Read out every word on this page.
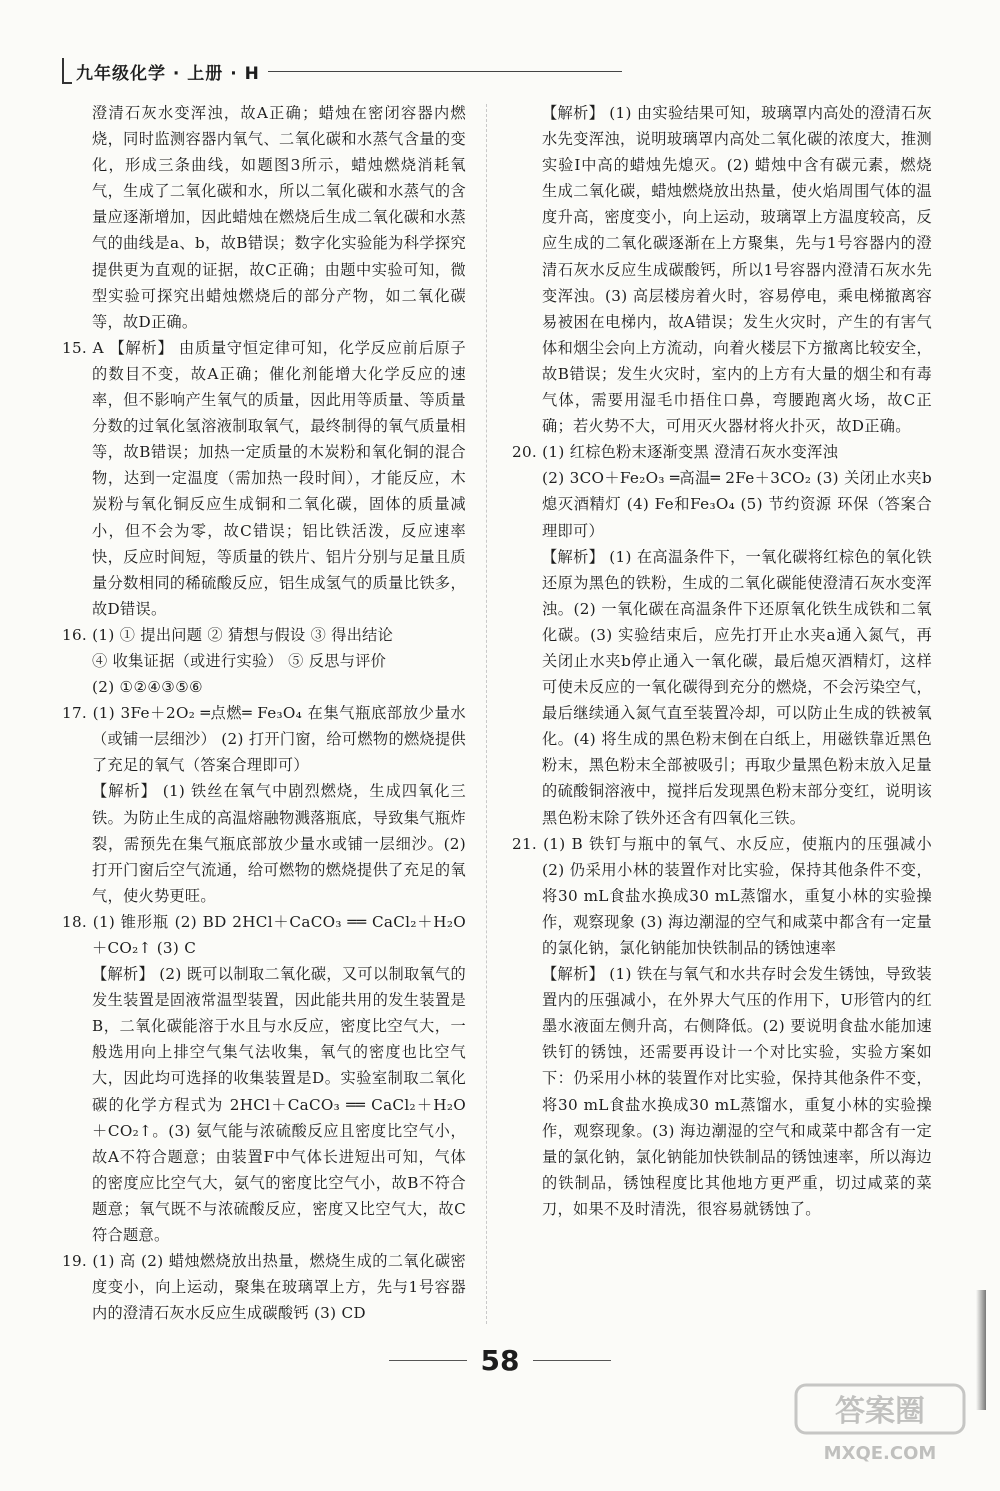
九年级化学 · 上册 · H

澄清石灰水变浑浊，故A正确；蜡烛在密闭容器内燃烧，同时监测容器内氧气、二氧化碳和水蒸气含量的变化，形成三条曲线，如题图3所示，蜡烛燃烧消耗氧气，生成了二氧化碳和水，所以二氧化碳和水蒸气的含量应逐渐增加，因此蜡烛在燃烧后生成二氧化碳和水蒸气的曲线是a、b，故B错误；数字化实验能为科学探究提供更为直观的证据，故C正确；由题中实验可知，微型实验可探究出蜡烛燃烧后的部分产物，如二氧化碳等，故D正确。

15. A 【解析】 由质量守恒定律可知，化学反应前后原子的数目不变，故A正确；催化剂能增大化学反应的速率，但不影响产生氧气的质量，因此用等质量、等质量分数的过氧化氢溶液制取氧气，最终制得的氧气质量相等，故B错误；加热一定质量的木炭粉和氧化铜的混合物，达到一定温度（需加热一段时间），才能反应，木炭粉与氧化铜反应生成铜和二氧化碳，固体的质量减小，但不会为零，故C错误；铝比铁活泼，反应速率快，反应时间短，等质量的铁片、铝片分别与足量且质量分数相同的稀硫酸反应，铝生成氢气的质量比铁多，故D错误。

16. (1) ① 提出问题 ② 猜想与假设 ③ 得出结论

④ 收集证据（或进行实验） ⑤ 反思与评价

(2) ①②④③⑤⑥

17. (1) 3Fe＋2O₂ ═点燃═ Fe₃O₄ 在集气瓶底部放少量水（或铺一层细沙） (2) 打开门窗，给可燃物的燃烧提供了充足的氧气（答案合理即可）

【解析】 (1) 铁丝在氧气中剧烈燃烧，生成四氧化三铁。为防止生成的高温熔融物溅落瓶底，导致集气瓶炸裂，需预先在集气瓶底部放少量水或铺一层细沙。(2) 打开门窗后空气流通，给可燃物的燃烧提供了充足的氧气，使火势更旺。

18. (1) 锥形瓶 (2) BD 2HCl＋CaCO₃ ══ CaCl₂＋H₂O＋CO₂↑ (3) C

【解析】 (2) 既可以制取二氧化碳，又可以制取氧气的发生装置是固液常温型装置，因此能共用的发生装置是B，二氧化碳能溶于水且与水反应，密度比空气大，一般选用向上排空气集气法收集，氧气的密度也比空气大，因此均可选择的收集装置是D。实验室制取二氧化碳的化学方程式为 2HCl＋CaCO₃ ══ CaCl₂＋H₂O＋CO₂↑。(3) 氨气能与浓硫酸反应且密度比空气小，故A不符合题意；由装置F中气体长进短出可知，气体的密度应比空气大，氨气的密度比空气小，故B不符合题意；氧气既不与浓硫酸反应，密度又比空气大，故C符合题意。

19. (1) 高 (2) 蜡烛燃烧放出热量，燃烧生成的二氧化碳密度变小，向上运动，聚集在玻璃罩上方，先与1号容器内的澄清石灰水反应生成碳酸钙 (3) CD

【解析】 (1) 由实验结果可知，玻璃罩内高处的澄清石灰水先变浑浊，说明玻璃罩内高处二氧化碳的浓度大，推测实验Ⅰ中高的蜡烛先熄灭。(2) 蜡烛中含有碳元素，燃烧生成二氧化碳，蜡烛燃烧放出热量，使火焰周围气体的温度升高，密度变小，向上运动，玻璃罩上方温度较高，反应生成的二氧化碳逐渐在上方聚集，先与1号容器内的澄清石灰水反应生成碳酸钙，所以1号容器内澄清石灰水先变浑浊。(3) 高层楼房着火时，容易停电，乘电梯撤离容易被困在电梯内，故A错误；发生火灾时，产生的有害气体和烟尘会向上方流动，向着火楼层下方撤离比较安全，故B错误；发生火灾时，室内的上方有大量的烟尘和有毒气体，需要用湿毛巾捂住口鼻，弯腰跑离火场，故C正确；若火势不大，可用灭火器材将火扑灭，故D正确。

20. (1) 红棕色粉末逐渐变黑 澄清石灰水变浑浊

(2) 3CO＋Fe₂O₃ ═高温═ 2Fe＋3CO₂ (3) 关闭止水夹b 熄灭酒精灯 (4) Fe和Fe₃O₄ (5) 节约资源 环保（答案合理即可）

【解析】 (1) 在高温条件下，一氧化碳将红棕色的氧化铁还原为黑色的铁粉，生成的二氧化碳能使澄清石灰水变浑浊。(2) 一氧化碳在高温条件下还原氧化铁生成铁和二氧化碳。(3) 实验结束后，应先打开止水夹a通入氮气，再关闭止水夹b停止通入一氧化碳，最后熄灭酒精灯，这样可使未反应的一氧化碳得到充分的燃烧，不会污染空气，最后继续通入氮气直至装置冷却，可以防止生成的铁被氧化。(4) 将生成的黑色粉末倒在白纸上，用磁铁靠近黑色粉末，黑色粉末全部被吸引；再取少量黑色粉末放入足量的硫酸铜溶液中，搅拌后发现黑色粉末部分变红，说明该黑色粉末除了铁外还含有四氧化三铁。

21. (1) B 铁钉与瓶中的氧气、水反应，使瓶内的压强减小 (2) 仍采用小林的装置作对比实验，保持其他条件不变，将30 mL食盐水换成30 mL蒸馏水，重复小林的实验操作，观察现象 (3) 海边潮湿的空气和咸菜中都含有一定量的氯化钠，氯化钠能加快铁制品的锈蚀速率

【解析】 (1) 铁在与氧气和水共存时会发生锈蚀，导致装置内的压强减小，在外界大气压的作用下，U形管内的红墨水液面左侧升高，右侧降低。(2) 要说明食盐水能加速铁钉的锈蚀，还需要再设计一个对比实验，实验方案如下：仍采用小林的装置作对比实验，保持其他条件不变，将30 mL食盐水换成30 mL蒸馏水，重复小林的实验操作，观察现象。(3) 海边潮湿的空气和咸菜中都含有一定量的氯化钠，氯化钠能加快铁制品的锈蚀速率，所以海边的铁制品，锈蚀程度比其他地方更严重，切过咸菜的菜刀，如果不及时清洗，很容易就锈蚀了。

58
答案圈
MXQE.COM
